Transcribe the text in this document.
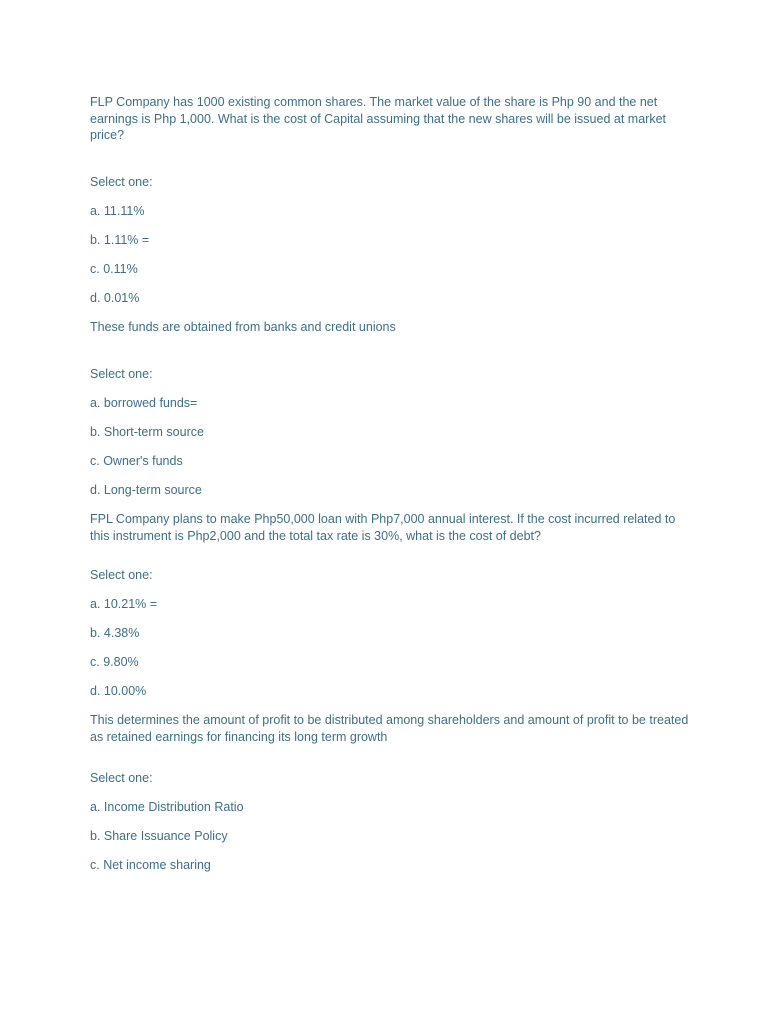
FLP Company has 1000 existing common shares. The market value of the share is Php 90 and the net earnings is Php 1,000. What is the cost of Capital assuming that the new shares will be issued at market price?
Select one:
a. 11.11%
b. 1.11% =
c. 0.11%
d. 0.01%
These funds are obtained from banks and credit unions
Select one:
a. borrowed funds=
b. Short-term source
c. Owner's funds
d. Long-term source
FPL Company plans to make Php50,000 loan with Php7,000 annual interest. If the cost incurred related to this instrument is Php2,000 and the total tax rate is 30%, what is the cost of debt?
Select one:
a. 10.21% =
b. 4.38%
c. 9.80%
d. 10.00%
This determines the amount of profit to be distributed among shareholders and amount of profit to be treated as retained earnings for financing its long term growth
Select one:
a. Income Distribution Ratio
b. Share Issuance Policy
c. Net income sharing
